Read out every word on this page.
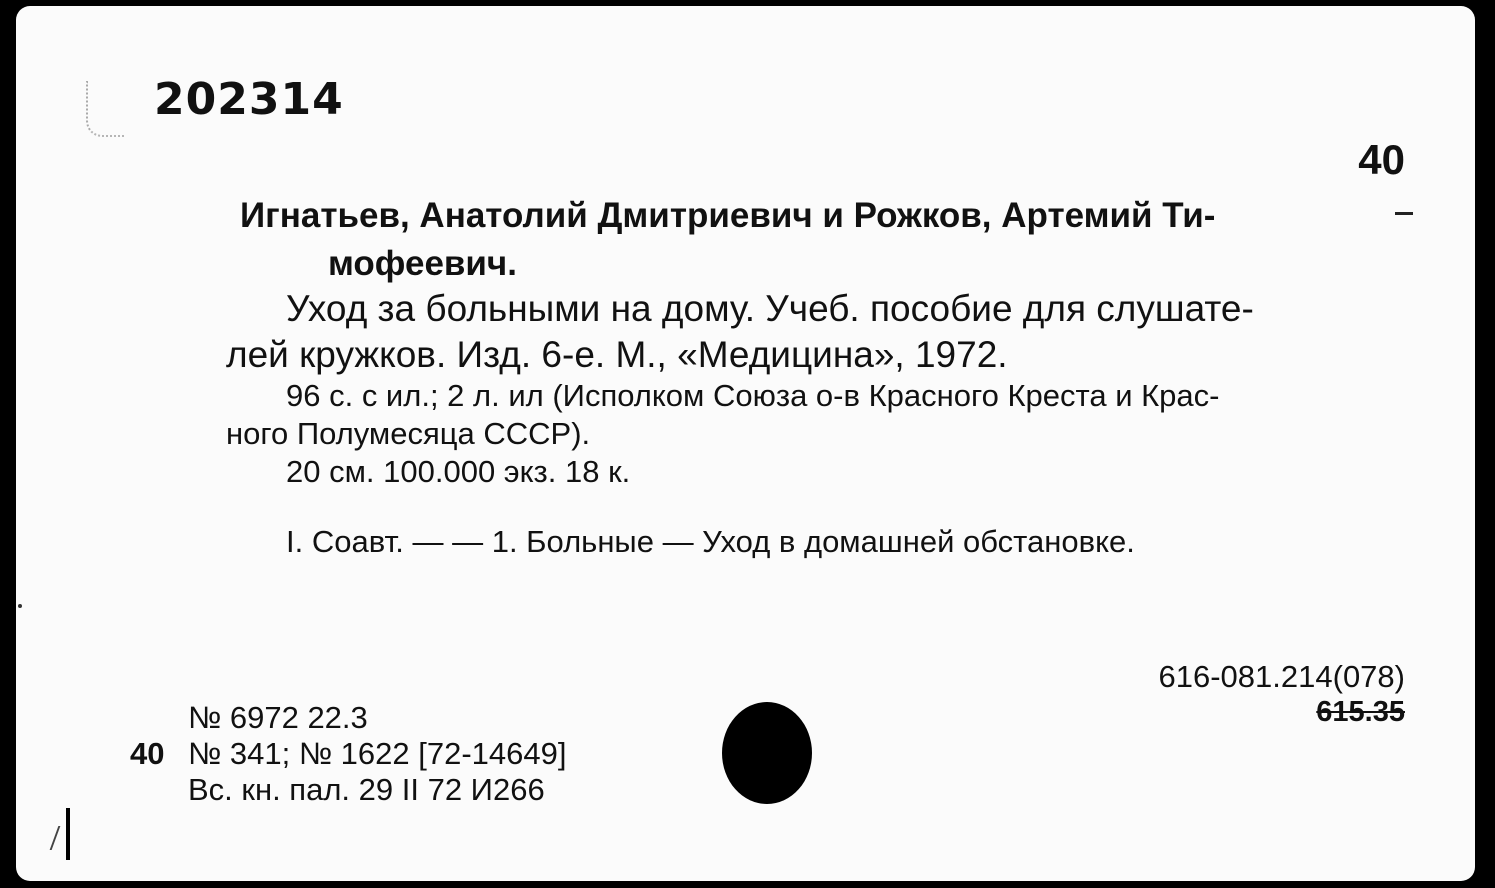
202314
40
Игнатьев, Анатолий Дмитриевич и Рожков, Артемий Ти-
мофеевич.
Уход за больными на дому. Учеб. пособие для слушате-
лей кружков. Изд. 6-е. М., «Медицина», 1972.
96 с. с ил.; 2 л. ил (Исполком Союза о-в Красного Креста и Крас-
ного Полумесяца СССР).
20 см. 100.000 экз. 18 к.
I. Соавт. — — 1. Больные — Уход в домашней обстановке.
616-081.214(078)
615.35
№ 6972 22.3
40 № 341; № 1622 [72-14649]
Вс. кн. пал. 29 II 72 И266
